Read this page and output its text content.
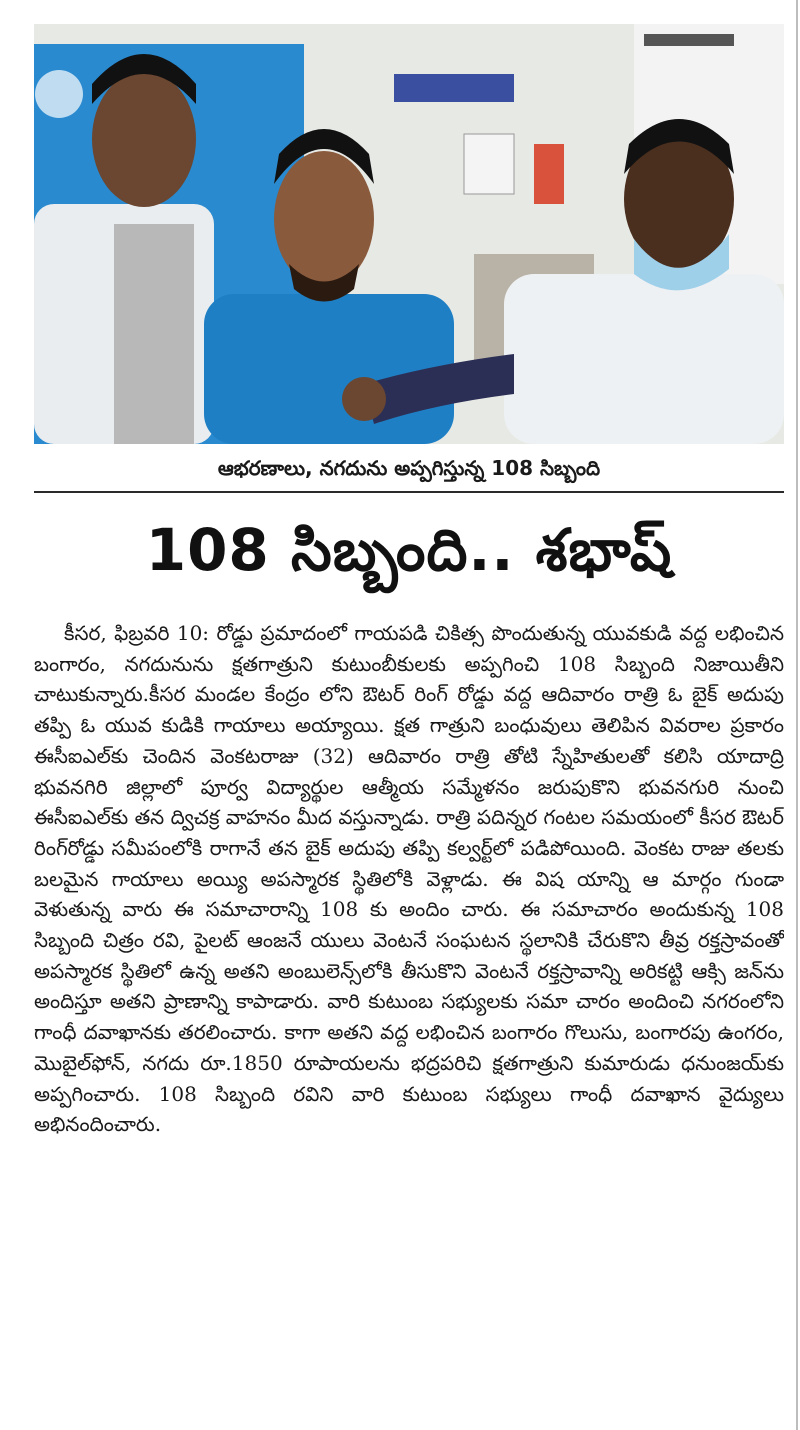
ఆభరణాలు, నగదును అప్పగిస్తున్న 108 సిబ్బంది
108 సిబ్బంది.. శభాష్

కీసర, ఫిబ్రవరి 10: రోడ్డు ప్రమాదంలో గాయపడి చికిత్స పొందుతున్న యువకుడి వద్ద లభించిన బంగారం, నగదునును క్షతగాత్రుని కుటుంబీకులకు అప్పగించి 108 సిబ్బంది నిజాయితీని చాటుకున్నారు.కీసర మండల కేంద్రం లోని ఔటర్ రింగ్ రోడ్డు వద్ద ఆదివారం రాత్రి ఓ బైక్ అదుపు తప్పి ఓ యువ కుడికి గాయాలు అయ్యాయి. క్షత గాత్రుని బంధువులు తెలిపిన వివరాల ప్రకారం ఈసీఐఎల్‌కు చెందిన వెంకటరాజు (32) ఆదివారం రాత్రి తోటి స్నేహితులతో కలిసి యాదాద్రి భువనగిరి జిల్లాలో పూర్వ విద్యార్థుల ఆత్మీయ సమ్మేళనం జరుపుకొని భువనగురి నుంచి ఈసీఐఎల్‌కు తన ద్విచక్ర వాహనం మీద వస్తున్నాడు. రాత్రి పదిన్నర గంటల సమయంలో కీసర ఔటర్ రింగ్‌రోడ్డు సమీపంలోకి రాగానే తన బైక్ అదుపు తప్పి కల్వర్ట్‌లో పడిపోయింది. వెంకట రాజు తలకు బలమైన గాయాలు అయ్యి అపస్మారక స్థితిలోకి వెళ్లాడు. ఈ విష యాన్ని ఆ మార్గం గుండా వెళుతున్న వారు ఈ సమాచారాన్ని 108 కు అందిం చారు. ఈ సమాచారం అందుకున్న 108 సిబ్బంది చిత్రం రవి, పైలట్ ఆంజనే యులు వెంటనే సంఘటన స్థలానికి చేరుకొని తీవ్ర రక్తస్రావంతో అపస్మారక స్థితిలో ఉన్న అతని అంబులెన్స్‌లోకి తీసుకొని వెంటనే రక్తస్రావాన్ని అరికట్టి ఆక్సి జన్‌ను అందిస్తూ అతని ప్రాణాన్ని కాపాడారు. వారి కుటుంబ సభ్యులకు సమా చారం అందించి నగరంలోని గాంధీ దవాఖానకు తరలించారు. కాగా అతని వద్ద లభించిన బంగారం గొలుసు, బంగారపు ఉంగరం, మొబైల్‌ఫోన్, నగదు రూ.1850 రూపాయలను భద్రపరిచి క్షతగాత్రుని కుమారుడు ధనుంజయ్‌కు అప్పగించారు. 108 సిబ్బంది రవిని వారి కుటుంబ సభ్యులు గాంధీ దవాఖాన వైద్యులు అభినందించారు.
